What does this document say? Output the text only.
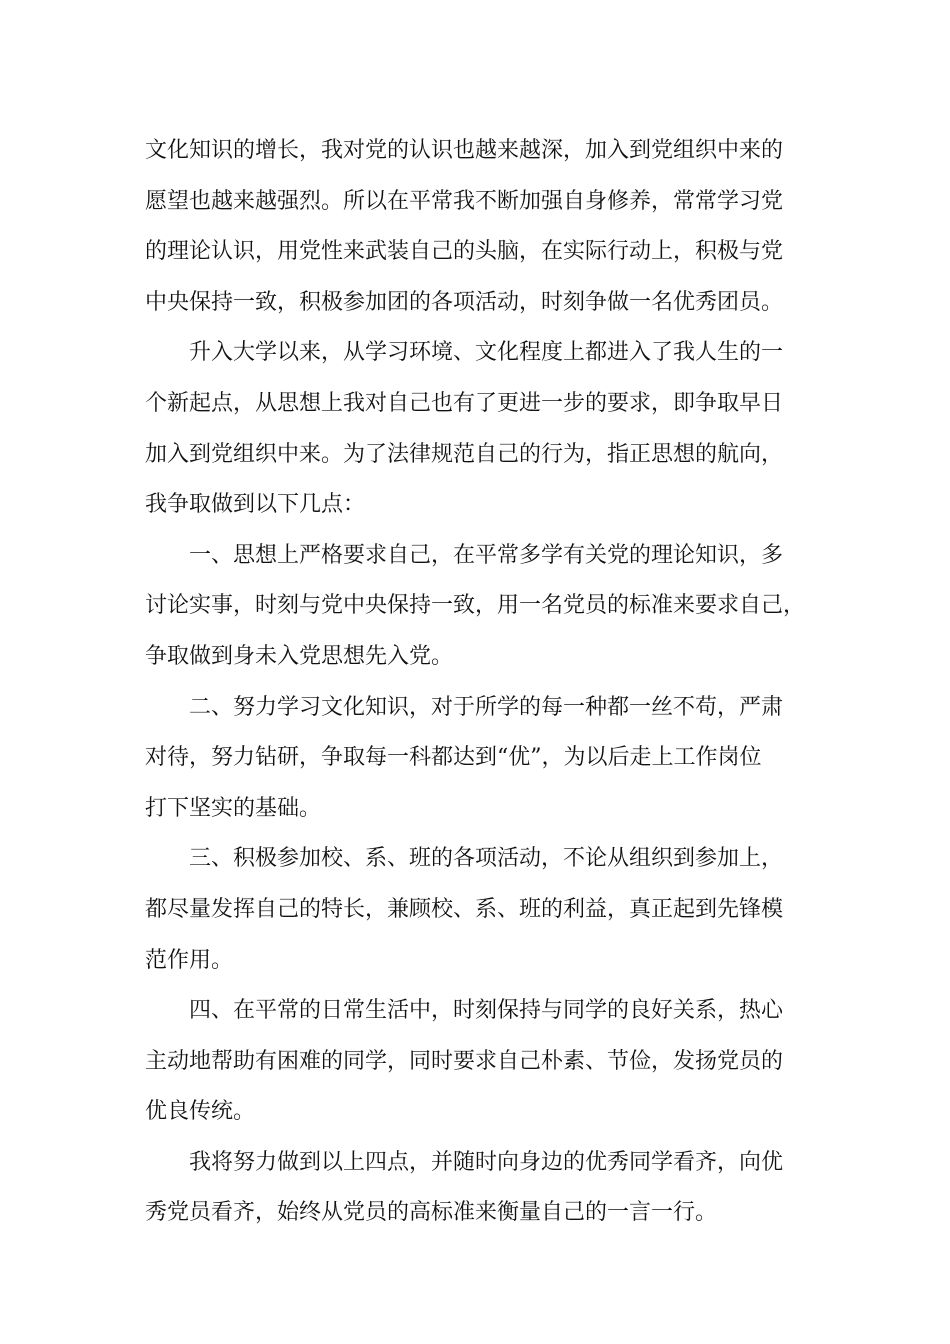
文化知识的增长，我对党的认识也越来越深，加入到党组织中来的
愿望也越来越强烈。所以在平常我不断加强自身修养，常常学习党
的理论认识，用党性来武装自己的头脑，在实际行动上，积极与党
中央保持一致，积极参加团的各项活动，时刻争做一名优秀团员。
升入大学以来，从学习环境、文化程度上都进入了我人生的一
个新起点，从思想上我对自己也有了更进一步的要求，即争取早日
加入到党组织中来。为了法律规范自己的行为，指正思想的航向，
我争取做到以下几点：
一、思想上严格要求自己，在平常多学有关党的理论知识，多
讨论实事，时刻与党中央保持一致，用一名党员的标准来要求自己，
争取做到身未入党思想先入党。
二、努力学习文化知识，对于所学的每一种都一丝不苟，严肃
对待，努力钻研，争取每一科都达到“优”，为以后走上工作岗位
打下坚实的基础。
三、积极参加校、系、班的各项活动，不论从组织到参加上，
都尽量发挥自己的特长，兼顾校、系、班的利益，真正起到先锋模
范作用。
四、在平常的日常生活中，时刻保持与同学的良好关系，热心
主动地帮助有困难的同学，同时要求自己朴素、节俭，发扬党员的
优良传统。
我将努力做到以上四点，并随时向身边的优秀同学看齐，向优
秀党员看齐，始终从党员的高标准来衡量自己的一言一行。
